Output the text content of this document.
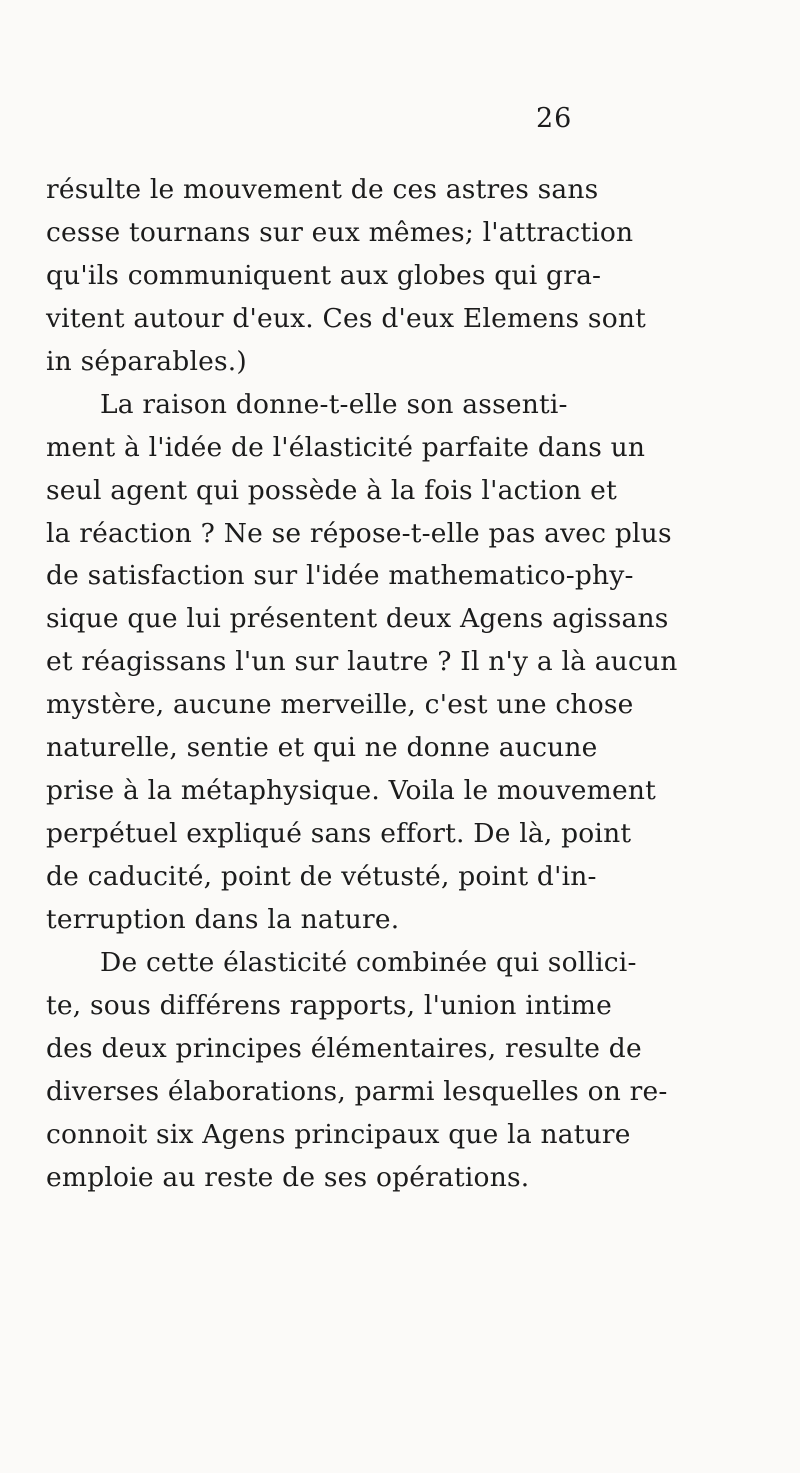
26
résulte le mouvement de ces astres sans
cesse tournans sur eux mêmes; l'attraction
qu'ils communiquent aux globes qui gra-
vitent autour d'eux. Ces d'eux Elemens sont
in séparables.)
La raison donne-t-elle son assenti-
ment à l'idée de l'élasticité parfaite dans un
seul agent qui possède à la fois l'action et
la réaction ? Ne se répose-t-elle pas avec plus
de satisfaction sur l'idée mathematico-phy-
sique que lui présentent deux Agens agissans
et réagissans l'un sur lautre ? Il n'y a là aucun
mystère, aucune merveille, c'est une chose
naturelle, sentie et qui ne donne aucune
prise à la métaphysique. Voila le mouvement
perpétuel expliqué sans effort. De là, point
de caducité, point de vétusté, point d'in-
terruption dans la nature.
De cette élasticité combinée qui sollici-
te, sous différens rapports, l'union intime
des deux principes élémentaires, resulte de
diverses élaborations, parmi lesquelles on re-
connoit six Agens principaux que la nature
emploie au reste de ses opérations.
